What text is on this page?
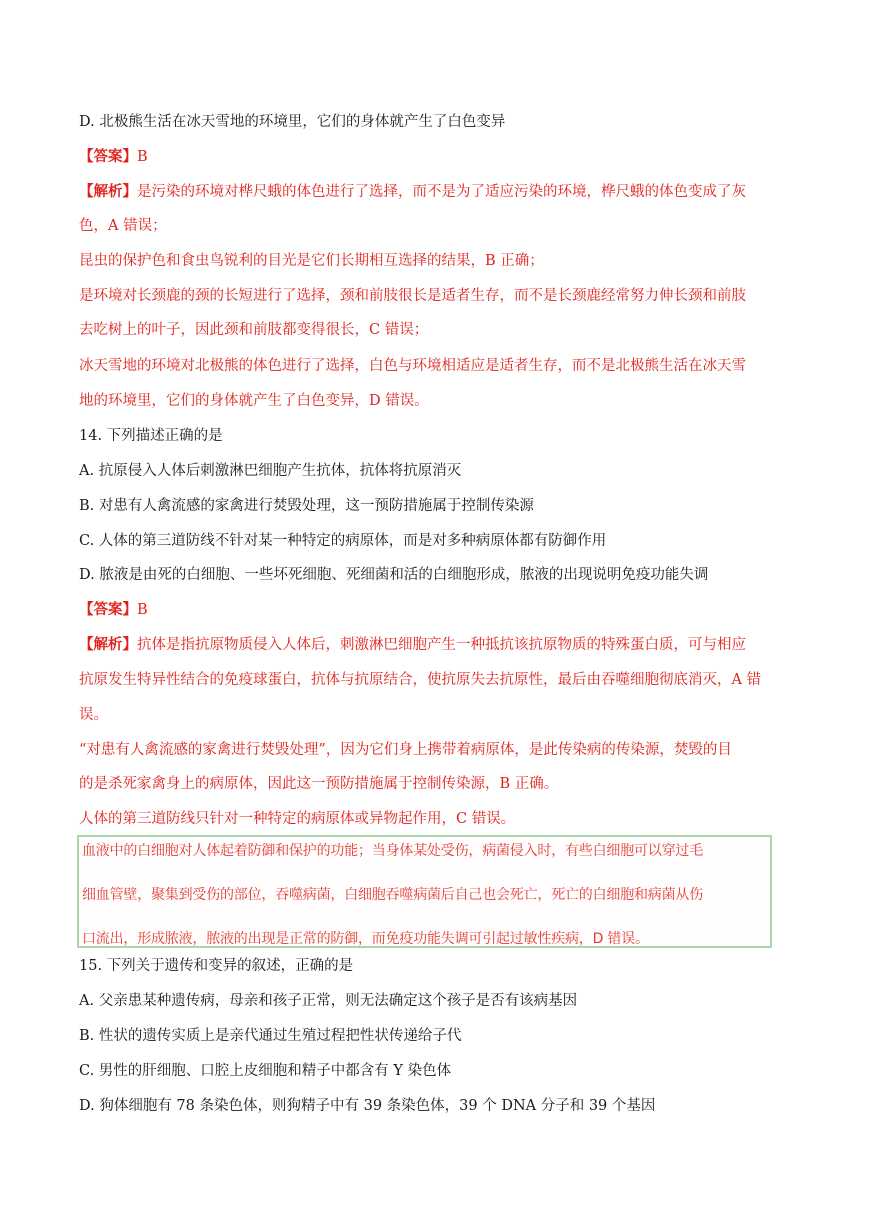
D. 北极熊生活在冰天雪地的环境里，它们的身体就产生了白色变异
【答案】B
【解析】是污染的环境对桦尺蛾的体色进行了选择，而不是为了适应污染的环境，桦尺蛾的体色变成了灰
色，A 错误；
昆虫的保护色和食虫鸟锐利的目光是它们长期相互选择的结果，B 正确；
是环境对长颈鹿的颈的长短进行了选择，颈和前肢很长是适者生存，而不是长颈鹿经常努力伸长颈和前肢
去吃树上的叶子，因此颈和前肢都变得很长，C 错误；
冰天雪地的环境对北极熊的体色进行了选择，白色与环境相适应是适者生存，而不是北极熊生活在冰天雪
地的环境里，它们的身体就产生了白色变异，D 错误。
14. 下列描述正确的是
A. 抗原侵入人体后刺激淋巴细胞产生抗体，抗体将抗原消灭
B. 对患有人禽流感的家禽进行焚毁处理，这一预防措施属于控制传染源
C. 人体的第三道防线不针对某一种特定的病原体，而是对多种病原体都有防御作用
D. 脓液是由死的白细胞、一些坏死细胞、死细菌和活的白细胞形成，脓液的出现说明免疫功能失调
【答案】B
【解析】抗体是指抗原物质侵入人体后，刺激淋巴细胞产生一种抵抗该抗原物质的特殊蛋白质，可与相应
抗原发生特异性结合的免疫球蛋白，抗体与抗原结合，使抗原失去抗原性，最后由吞噬细胞彻底消灭，A 错
误。
“对患有人禽流感的家禽进行焚毁处理”，因为它们身上携带着病原体，是此传染病的传染源，焚毁的目
的是杀死家禽身上的病原体，因此这一预防措施属于控制传染源，B 正确。
人体的第三道防线只针对一种特定的病原体或异物起作用，C 错误。
血液中的白细胞对人体起着防御和保护的功能；当身体某处受伤，病菌侵入时，有些白细胞可以穿过毛
细血管壁，聚集到受伤的部位，吞噬病菌，白细胞吞噬病菌后自己也会死亡，死亡的白细胞和病菌从伤
口流出，形成脓液，脓液的出现是正常的防御，而免疫功能失调可引起过敏性疾病，D 错误。
15. 下列关于遗传和变异的叙述，正确的是
A. 父亲患某种遗传病，母亲和孩子正常，则无法确定这个孩子是否有该病基因
B. 性状的遗传实质上是亲代通过生殖过程把性状传递给子代
C. 男性的肝细胞、口腔上皮细胞和精子中都含有 Y 染色体
D. 狗体细胞有 78 条染色体，则狗精子中有 39 条染色体，39 个 DNA 分子和 39 个基因
